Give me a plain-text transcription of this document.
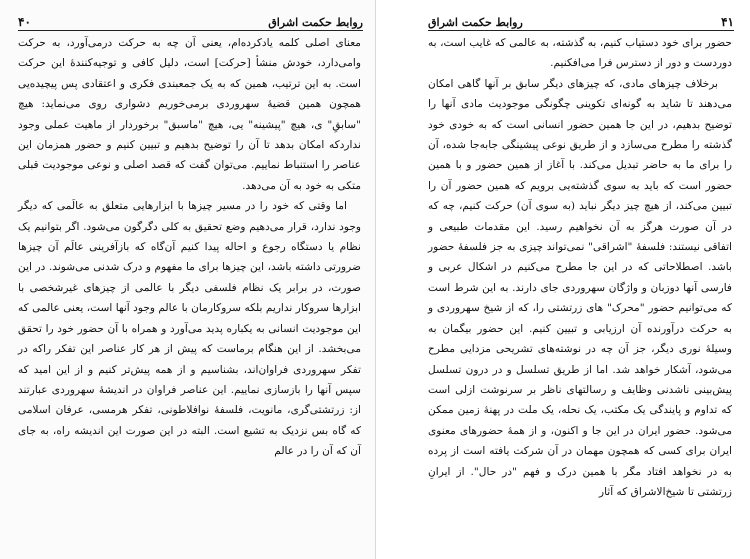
۴۰	روابط حکمت اشراق

معنای اصلی کلمه یادکرده‌ام، یعنی آن چه به حرکت درمی‌آورد، به حرکت وامی‌دارد، خودش منشأ [حرکت] است، دلیل کافی و توجیه‌کنندهٔ این حرکت است. به این ترتیب، همین که به یک جمعبندی فکری و اعتقادی پس پیچیده‌یی همچون همین قضیهٔ سهروردی برمی‌خوریم دشواری روی می‌نماید: هیچ "سابقِ" ی، هیچ "پیشینه" یی، هیچ "ماسبق" برخوردار از ماهیت عملی وجود نداردکه امکان بدهد تا آن را توضیح بدهیم و تبیین کنیم و حضور همزمان این عناصر را استنباط نماییم. می‌توان گفت که قصد اصلی و نوعی موجودیت قبلی متکی به خود به آن می‌دهد.

اما وقتی که خود را در مسیر چیزها با ابزارهایی متعلق به عالَمی که دیگر وجود ندارد، قرار می‌دهیم وضع تحقیق به کلی دگرگون می‌شود. اگر بتوانیم یک نظام یا دستگاه رجوع و احاله پیدا کنیم آن‌گاه که بازآفرینی عالَم آن چیزها ضرورتی داشته باشد، این چیزها برای ما مفهوم و درک شدنی می‌شوند. در این صورت، در برابر یک نظام فلسفی دیگر با عالمی از چیزهای غیرشخصی با ابزارها سروکار نداریم بلکه سروکارمان با عالم وجود آنها است، یعنی عالمی که این موجودیت انسانی به یکباره پدید می‌آورد و همراه با آن حضور خود را تحقق می‌بخشد. از این هنگام برماست که پیش از هر کار عناصر این تفکر راکه در تفکر سهروردی فراوان‌اند، بشناسیم و از همه پیش‌تر کنیم و از این امید که سپس آنها را بازسازی نماییم. این عناصر فراوان در اندیشهٔ سهروردی عبارتند از: زرتشتی‌گری، مانویت، فلسفهٔ نوافلاطونی، تفکر هرمسی، عرفان اسلامی که گاه بس نزدیک به تشیع است. البته در این صورت این اندیشه راه، به جای آن که آن را در عالم

روابط حکمت اشراق	۴۱

حضور برای خود دستیاب کنیم، به گذشته، به عالمی که غایب است، به دوردست و دور از دسترس فرا می‌افکنیم.

برخلاف چیزهای مادی، که چیزهای دیگر سابق بر آنها گاهی امکان می‌دهند تا شاید به گونه‌ای تکوینی چگونگی موجودیت مادی آنها را توضیح بدهیم، در این جا همین حضور انسانی است که به خودی خود گذشته را مطرح می‌سازد و از طریق نوعی پیشینگی جابه‌جا شده، آن را برای ما به حاضر تبدیل می‌کند. با آغاز از همین حضور و با همین حضور است که باید به سوی گذشته‌یی برویم که همین حضور آن را تبیین می‌کند، از هیچ چیز دیگر نباید (به سوی آن) حرکت کنیم، چه که در آن صورت هرگز به آن نخواهیم رسید. این مقدمات طبیعی و اتفاقی نیستند: فلسفهٔ "اشراقی" نمی‌تواند چیزی به جز فلسفهٔ حضور باشد. اصطلاحاتی که در این جا مطرح می‌کنیم در اشکال عربی و فارسی آنها دوزبان و واژگان سهروردی جای دارند. به این شرط است که می‌توانیم حضور "محرک" های زرتشتی را، که از شیخ سهروردی و به حرکت درآورنده آن ارزیابی و تبیین کنیم. این حضور بیگمان به وسیلهٔ نوری دیگر، جز آن چه در نوشته‌های تشریحی مزدایی مطرح می‌شود، آشکار خواهد شد. اما از طریق تسلسل و در درون تسلسل پیش‌بینی ناشدنی وظایف و رسالتهای ناظر بر سرنوشت ازلی است که تداوم و پایندگی یک مکتب، یک نحله، یک ملت در پهنهٔ زمین ممکن می‌شود. حضور ایران در این جا و اکنون، و از همهٔ حضورهای معنوی ایران برای کسی که همچون مهمان در آن شرکت یافته است از پرده به در نخواهد افتاد مگر با همین درک و فهم "در حال". از ایرانِ زرتشتی تا شیخ‌الاشراق که آثار
